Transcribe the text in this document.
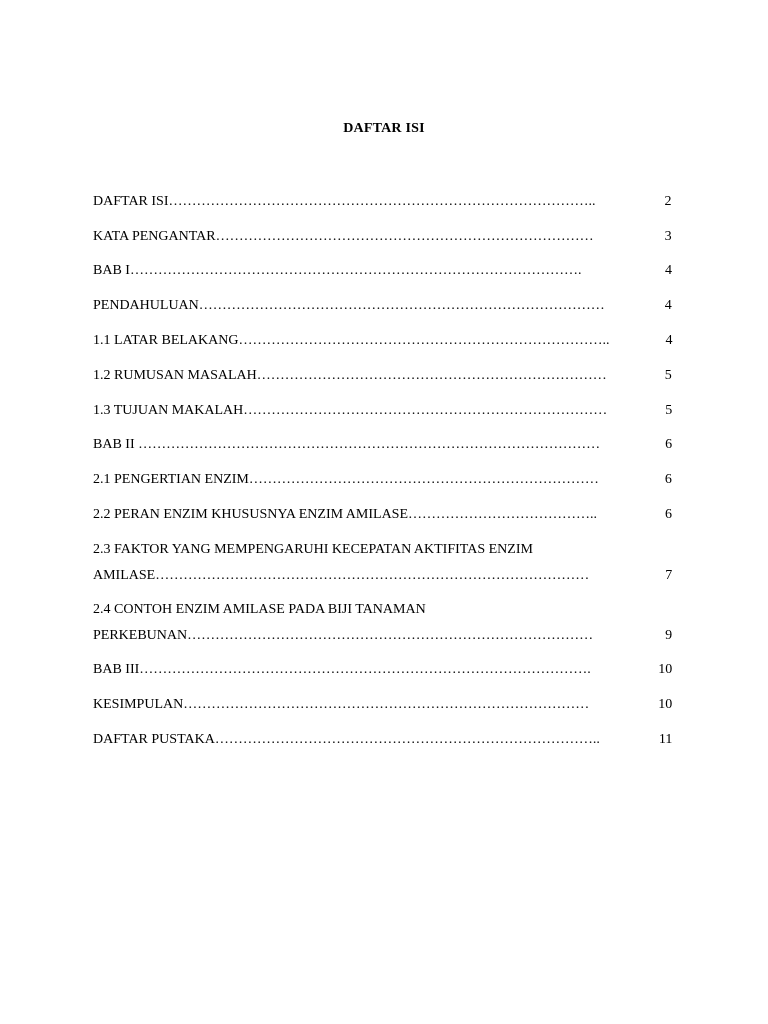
DAFTAR ISI
DAFTAR ISI………………………………………………………………………………..	2
KATA PENGANTAR………………………………………………………………………	3
BAB I…………………………………………………………………………………….	4
PENDAHULUAN……………………………………………………………………………	4
1.1 LATAR BELAKANG……………………………………………………………………..	4
1.2 RUMUSAN MASALAH…………………………………………………………………	5
1.3 TUJUAN MAKALAH……………………………………………………………………	5
BAB II ………………………………………………………………………………………	6
2.1 PENGERTIAN ENZIM…………………………………………………………………	6
2.2 PERAN ENZIM KHUSUSNYA ENZIM AMILASE…………………………………..	6
2.3 FAKTOR YANG MEMPENGARUHI KECEPATAN AKTIFITAS ENZIM
AMILASE…………………………………………………………………………………	7
2.4 CONTOH ENZIM AMILASE PADA BIJI TANAMAN
PERKEBUNAN……………………………………………………………………………	9
BAB III…………………………………………………………………………………….	10
KESIMPULAN……………………………………………………………………………	10
DAFTAR PUSTAKA………………………………………………………………………..	11
